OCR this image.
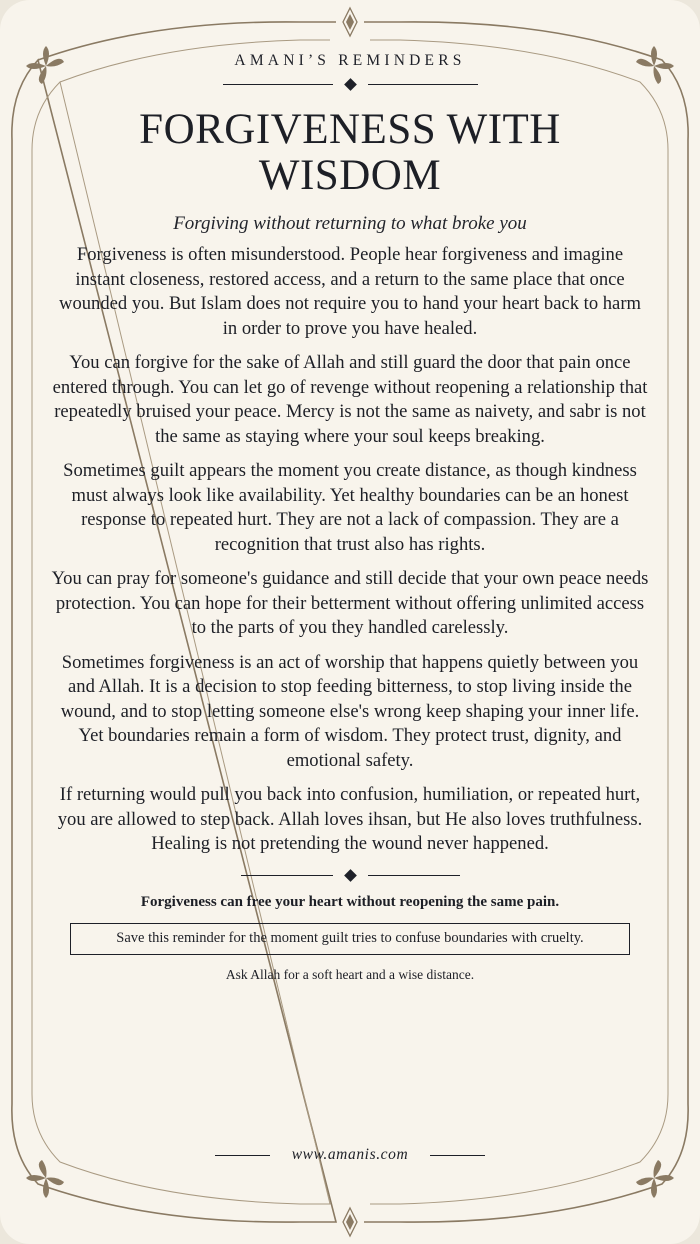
AMANI’S REMINDERS
FORGIVENESS WITH WISDOM
Forgiving without returning to what broke you

Forgiveness is often misunderstood. People hear forgiveness and imagine instant closeness, restored access, and a return to the same place that once wounded you. But Islam does not require you to hand your heart back to harm in order to prove you have healed.

You can forgive for the sake of Allah and still guard the door that pain once entered through. You can let go of revenge without reopening a relationship that repeatedly bruised your peace. Mercy is not the same as naivety, and sabr is not the same as staying where your soul keeps breaking.

Sometimes guilt appears the moment you create distance, as though kindness must always look like availability. Yet healthy boundaries can be an honest response to repeated hurt. They are not a lack of compassion. They are a recognition that trust also has rights.

You can pray for someone's guidance and still decide that your own peace needs protection. You can hope for their betterment without offering unlimited access to the parts of you they handled carelessly.

Sometimes forgiveness is an act of worship that happens quietly between you and Allah. It is a decision to stop feeding bitterness, to stop living inside the wound, and to stop letting someone else's wrong keep shaping your inner life. Yet boundaries remain a form of wisdom. They protect trust, dignity, and emotional safety.

If returning would pull you back into confusion, humiliation, or repeated hurt, you are allowed to step back. Allah loves ihsan, but He also loves truthfulness. Healing is not pretending the wound never happened.

Forgiveness can free your heart without reopening the same pain.
Save this reminder for the moment guilt tries to confuse boundaries with cruelty.
Ask Allah for a soft heart and a wise distance.
www.amanis.com
